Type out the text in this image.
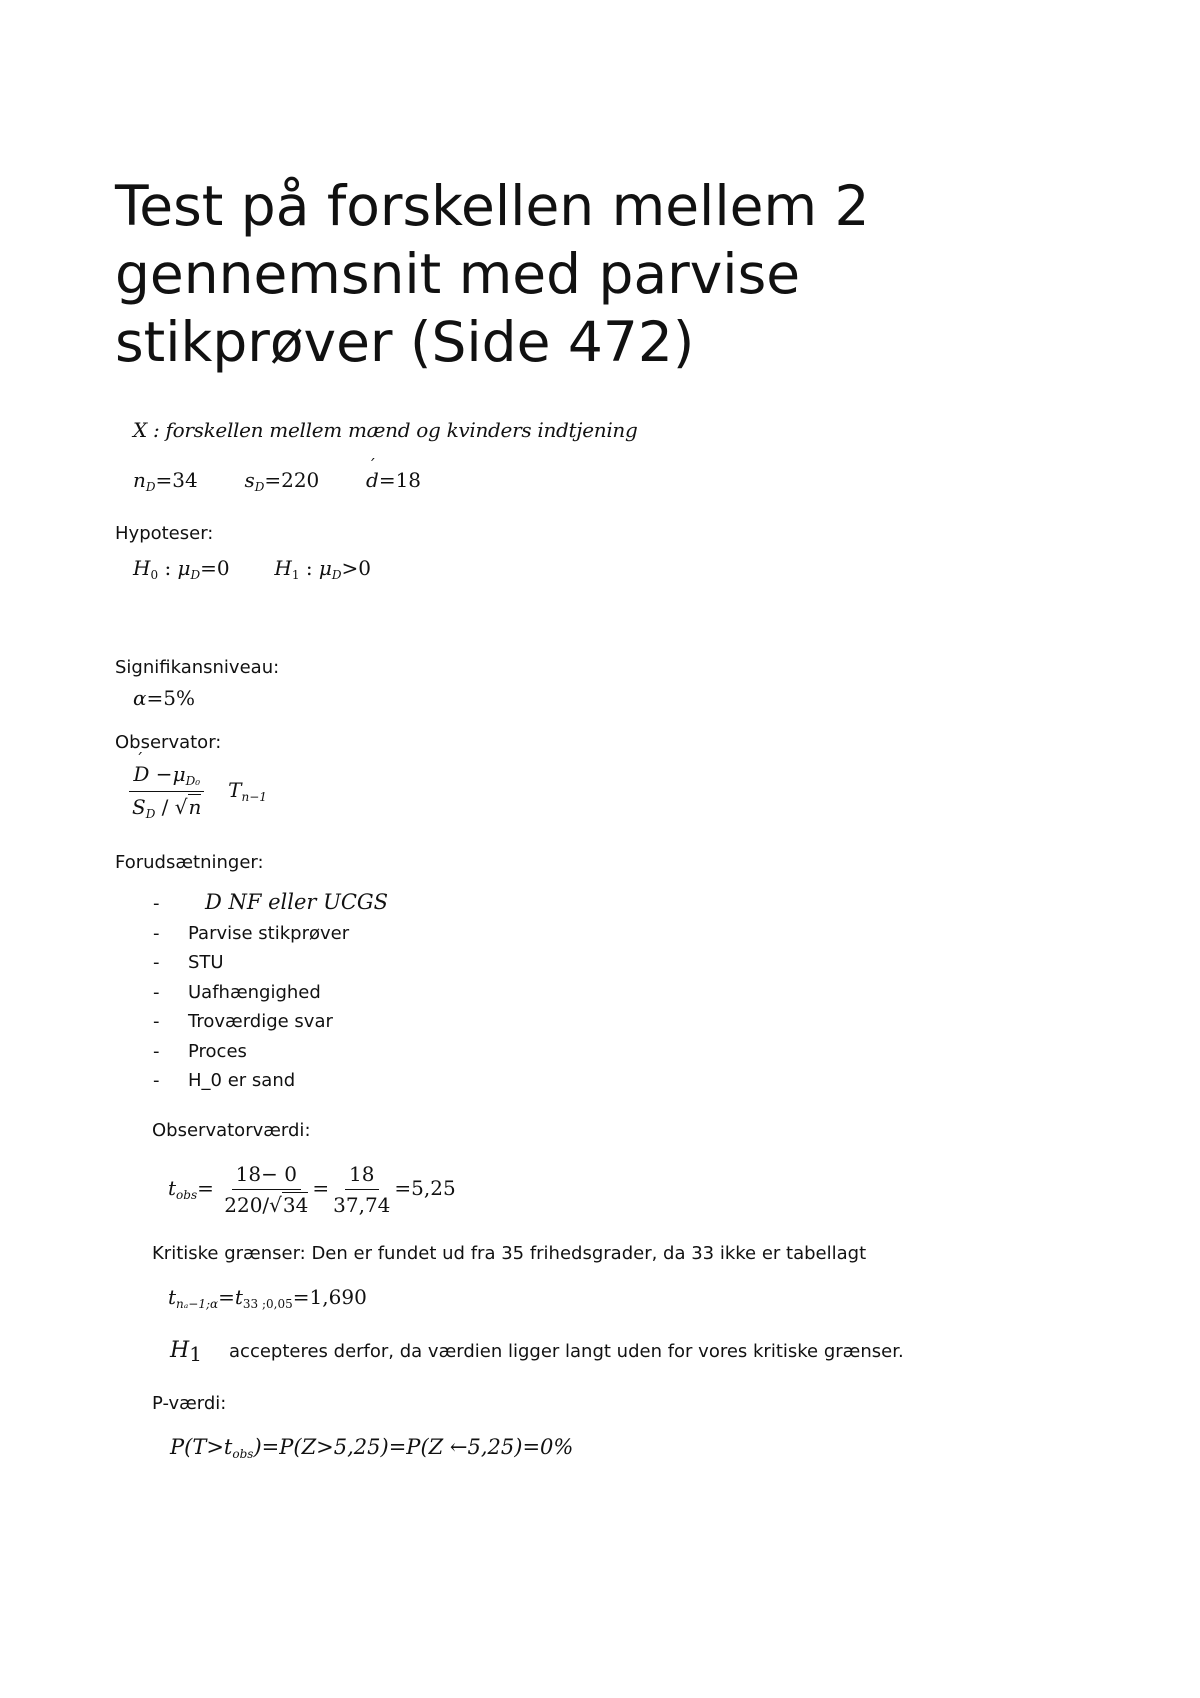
Test på forskellen mellem 2
gennemsnit med parvise
stikprøver (Side 472)
X : forskellen mellem mænd og kvinders indtjening
$n_D=34$ $s_D=220$  ´ d=18
Hypoteser:
$H_0$ : $\mu_D=0$ $H_1$ : $\mu_D>0$
Signifikansniveau:
α=5%
Observator:
´ $\frac{D -\mu_{D_0}}{S_D / √n} T_{n-1}$
Forudsætninger:
- D NF eller UCGS
- Parvise stikprøver
- STU
- Uafhængighed
- Troværdige svar
- Proces
- H_0 er sand
Observatorværdi:
$t_{obs}= \frac{18- 0}{220/√34} = \frac{18}{37,74} =5,25$
Kritiske grænser: Den er fundet ud fra 35 frihedsgrader, da 33 ikke er tabellagt
$t_{n_a-1;\alpha}=t_{33 ;0,05}=1,690$
$H_1$ accepteres derfor, da værdien ligger langt uden for vores kritiske grænser.
P-værdi:
$P(T>t_{obs})=P(Z>5,25)=P(Z$ ←5,25)=0%
